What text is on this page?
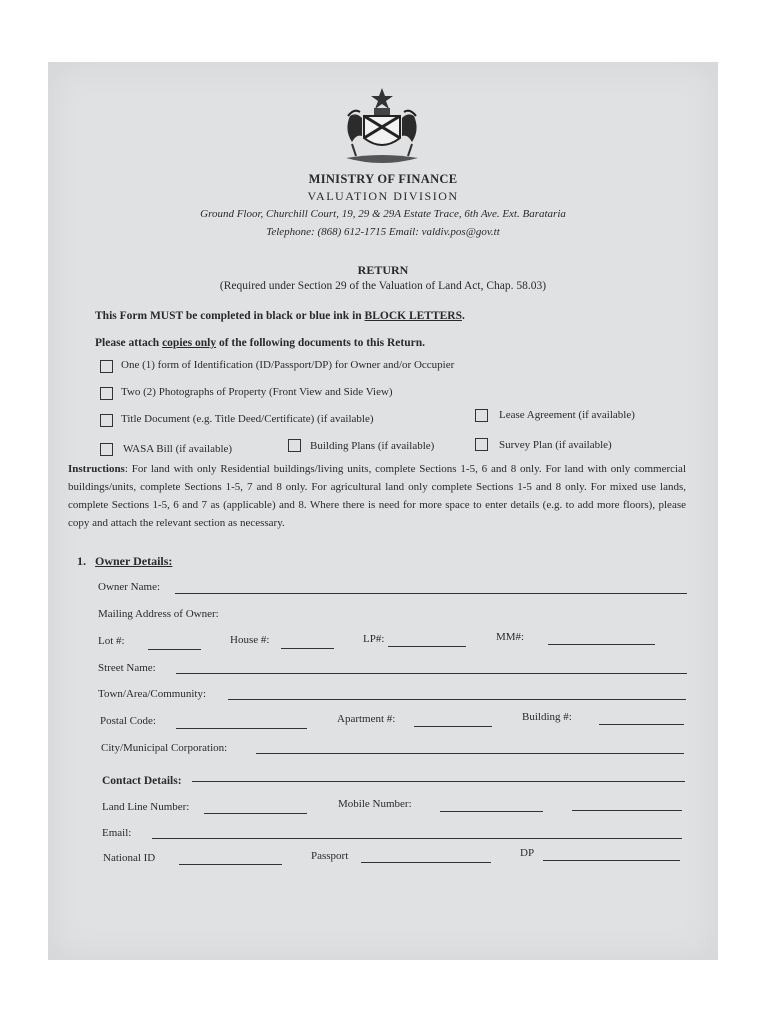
MINISTRY OF FINANCE
VALUATION DIVISION
Ground Floor, Churchill Court, 19, 29 & 29A Estate Trace, 6th Ave. Ext. Barataria
Telephone: (868) 612-1715 Email: valdiv.pos@gov.tt
RETURN
(Required under Section 29 of the Valuation of Land Act, Chap. 58.03)
This Form MUST be completed in black or blue ink in BLOCK LETTERS.
Please attach copies only of the following documents to this Return.
One (1) form of Identification (ID/Passport/DP) for Owner and/or Occupier
Two (2) Photographs of Property (Front View and Side View)
Title Document (e.g. Title Deed/Certificate) (if available)	Lease Agreement (if available)
WASA Bill (if available)	Building Plans (if available)	Survey Plan (if available)
Instructions: For land with only Residential buildings/living units, complete Sections 1-5, 6 and 8 only. For land with only commercial buildings/units, complete Sections 1-5, 7 and 8 only. For agricultural land only complete Sections 1-5 and 8 only. For mixed use lands, complete Sections 1-5, 6 and 7 as (applicable) and 8. Where there is need for more space to enter details (e.g. to add more floors), please copy and attach the relevant section as necessary.
1. Owner Details:
Owner Name:
Mailing Address of Owner:
Lot #:	House #:	LP#:	MM#:
Street Name:
Town/Area/Community:
Postal Code:	Apartment #:	Building #:
City/Municipal Corporation:
Contact Details:
Land Line Number:	Mobile Number:
Email:
National ID	Passport	DP
